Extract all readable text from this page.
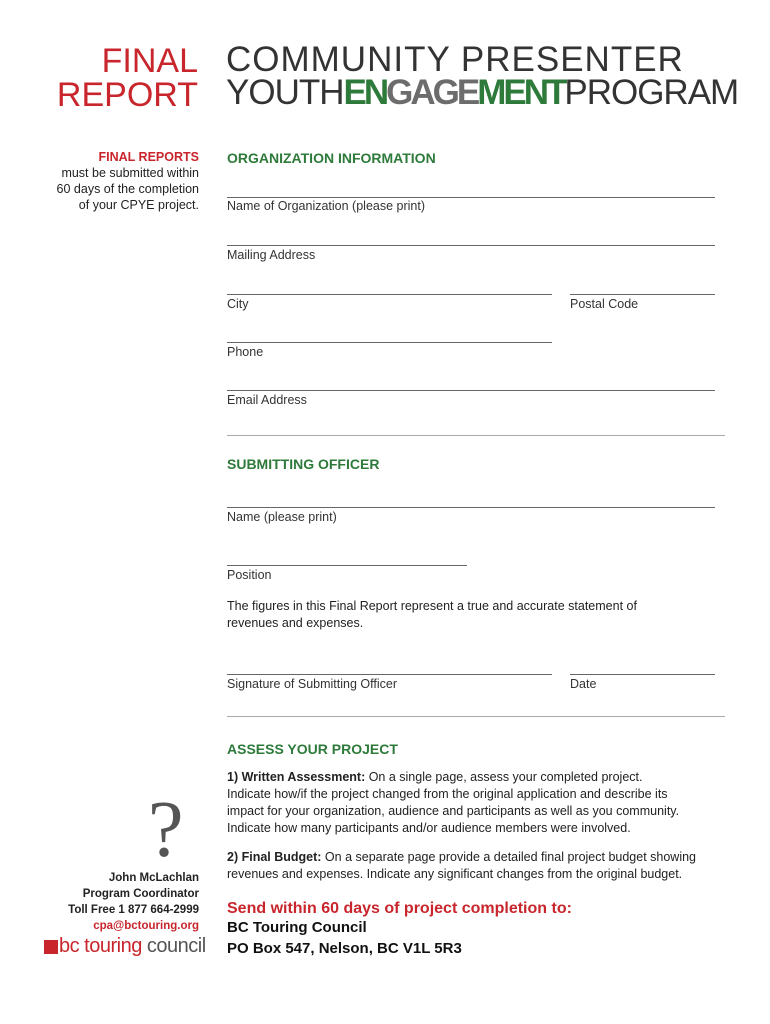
FINAL
REPORT
COMMUNITY PRESENTER
YOUTHENGAGEMENTPROGRAM
FINAL REPORTS
must be submitted within
60 days of the completion
of your CPYE project.
?
John McLachlan
Program Coordinator
Toll Free 1 877 664-2999
cpa@bctouring.org
bc touring council
ORGANIZATION INFORMATION
Name of Organization (please print)
Mailing Address
City	Postal Code
Phone
Email Address
SUBMITTING OFFICER
Name (please print)
Position
The figures in this Final Report represent a true and accurate statement of
revenues and expenses.
Signature of Submitting Officer	Date
ASSESS YOUR PROJECT
1) Written Assessment: On a single page, assess your completed project.
Indicate how/if the project changed from the original application and describe its
impact for your organization, audience and participants as well as you community.
Indicate how many participants and/or audience members were involved.
2) Final Budget: On a separate page provide a detailed final project budget showing
revenues and expenses. Indicate any significant changes from the original budget.
Send within 60 days of project completion to:
BC Touring Council
PO Box 547, Nelson, BC V1L 5R3
